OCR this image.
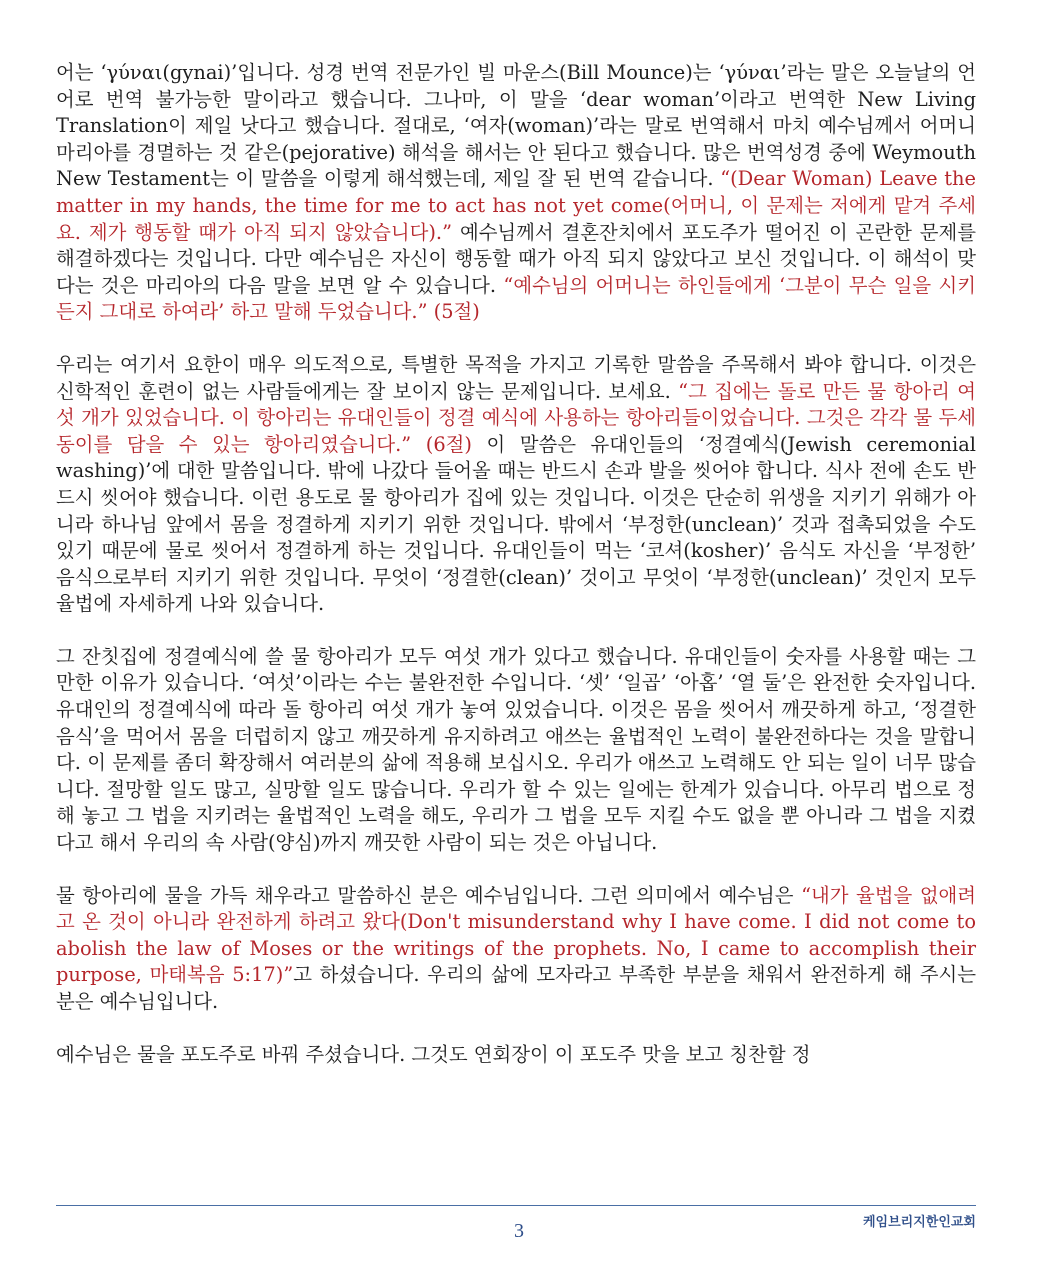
어는 ‘γύναι(gynai)’입니다. 성경 번역 전문가인 빌 마운스(Bill Mounce)는 ‘γύναι’라는 말은 오늘날의 언어로 번역 불가능한 말이라고 했습니다. 그나마, 이 말을 ‘dear woman’이라고 번역한 New Living Translation이 제일 낫다고 했습니다. 절대로, ‘여자(woman)’라는 말로 번역해서 마치 예수님께서 어머니 마리아를 경멸하는 것 같은(pejorative) 해석을 해서는 안 된다고 했습니다. 많은 번역성경 중에 Weymouth New Testament는 이 말씀을 이렇게 해석했는데, 제일 잘 된 번역 같습니다. “(Dear Woman) Leave the matter in my hands, the time for me to act has not yet come(어머니, 이 문제는 저에게 맡겨 주세요. 제가 행동할 때가 아직 되지 않았습니다).” 예수님께서 결혼잔치에서 포도주가 떨어진 이 곤란한 문제를 해결하겠다는 것입니다. 다만 예수님은 자신이 행동할 때가 아직 되지 않았다고 보신 것입니다. 이 해석이 맞다는 것은 마리아의 다음 말을 보면 알 수 있습니다. “예수님의 어머니는 하인들에게 ‘그분이 무슨 일을 시키든지 그대로 하여라’ 하고 말해 두었습니다.” (5절)

우리는 여기서 요한이 매우 의도적으로, 특별한 목적을 가지고 기록한 말씀을 주목해서 봐야 합니다. 이것은 신학적인 훈련이 없는 사람들에게는 잘 보이지 않는 문제입니다. 보세요. “그 집에는 돌로 만든 물 항아리 여섯 개가 있었습니다. 이 항아리는 유대인들이 정결 예식에 사용하는 항아리들이었습니다. 그것은 각각 물 두세 동이를 담을 수 있는 항아리였습니다.” (6절) 이 말씀은 유대인들의 ‘정결예식(Jewish ceremonial washing)’에 대한 말씀입니다. 밖에 나갔다 들어올 때는 반드시 손과 발을 씻어야 합니다. 식사 전에 손도 반드시 씻어야 했습니다. 이런 용도로 물 항아리가 집에 있는 것입니다. 이것은 단순히 위생을 지키기 위해가 아니라 하나님 앞에서 몸을 정결하게 지키기 위한 것입니다. 밖에서 ‘부정한(unclean)’ 것과 접촉되었을 수도 있기 때문에 물로 씻어서 정결하게 하는 것입니다. 유대인들이 먹는 ‘코셔(kosher)’ 음식도 자신을 ‘부정한’ 음식으로부터 지키기 위한 것입니다. 무엇이 ‘정결한(clean)’ 것이고 무엇이 ‘부정한(unclean)’ 것인지 모두 율법에 자세하게 나와 있습니다.

그 잔칫집에 정결예식에 쓸 물 항아리가 모두 여섯 개가 있다고 했습니다. 유대인들이 숫자를 사용할 때는 그만한 이유가 있습니다. ‘여섯’이라는 수는 불완전한 수입니다. ‘셋’ ‘일곱’ ‘아홉’ ‘열 둘’은 완전한 숫자입니다. 유대인의 정결예식에 따라 돌 항아리 여섯 개가 놓여 있었습니다. 이것은 몸을 씻어서 깨끗하게 하고, ‘정결한 음식’을 먹어서 몸을 더럽히지 않고 깨끗하게 유지하려고 애쓰는 율법적인 노력이 불완전하다는 것을 말합니다. 이 문제를 좀더 확장해서 여러분의 삶에 적용해 보십시오. 우리가 애쓰고 노력해도 안 되는 일이 너무 많습니다. 절망할 일도 많고, 실망할 일도 많습니다. 우리가 할 수 있는 일에는 한계가 있습니다. 아무리 법으로 정해 놓고 그 법을 지키려는 율법적인 노력을 해도, 우리가 그 법을 모두 지킬 수도 없을 뿐 아니라 그 법을 지켰다고 해서 우리의 속 사람(양심)까지 깨끗한 사람이 되는 것은 아닙니다.

물 항아리에 물을 가득 채우라고 말씀하신 분은 예수님입니다. 그런 의미에서 예수님은 “내가 율법을 없애려고 온 것이 아니라 완전하게 하려고 왔다(Don't misunderstand why I have come. I did not come to abolish the law of Moses or the writings of the prophets. No, I came to accomplish their purpose, 마태복음 5:17)”고 하셨습니다. 우리의 삶에 모자라고 부족한 부분을 채워서 완전하게 해 주시는 분은 예수님입니다.

예수님은 물을 포도주로 바꿔 주셨습니다. 그것도 연회장이 이 포도주 맛을 보고 칭찬할 정

3	케임브리지한인교회
